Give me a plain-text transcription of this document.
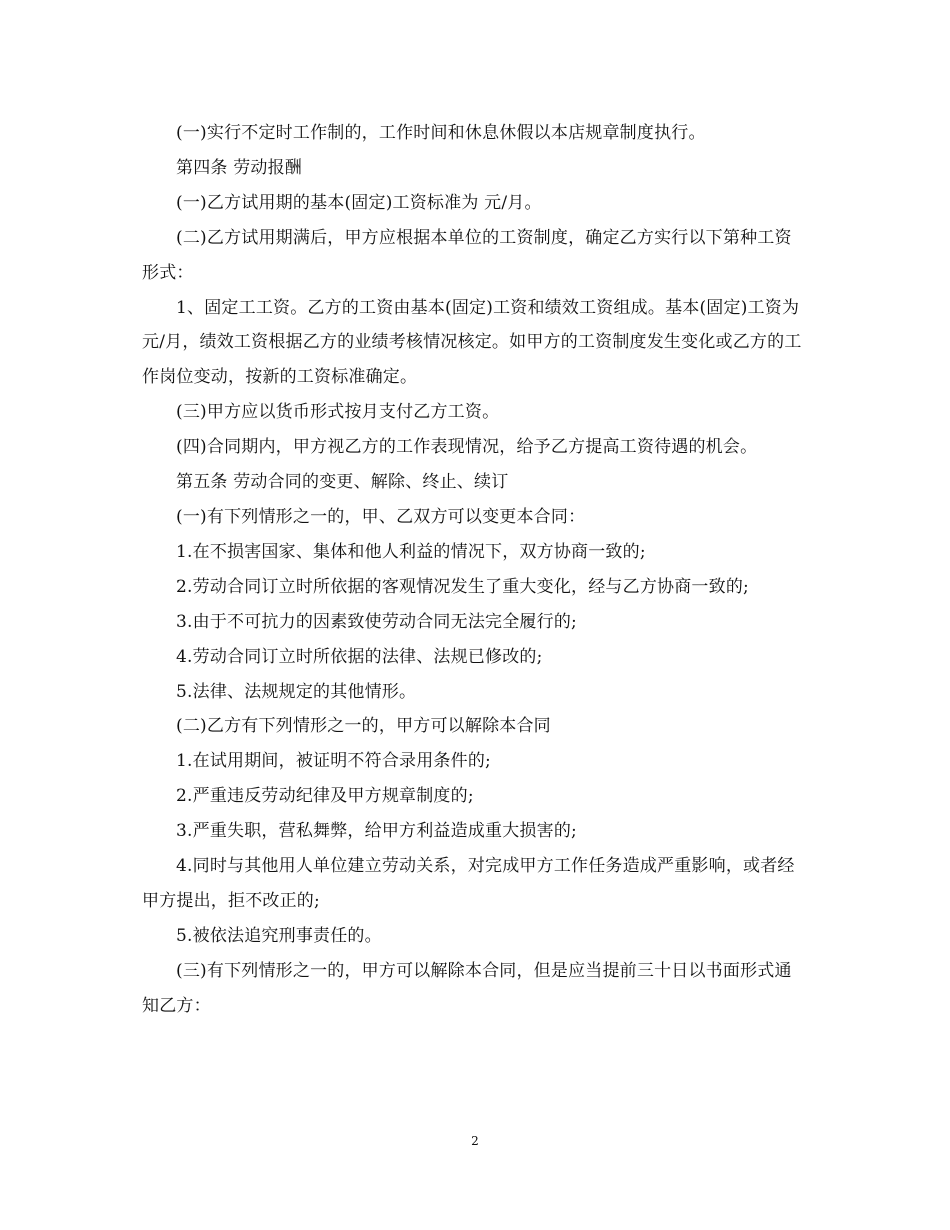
(一)实行不定时工作制的，工作时间和休息休假以本店规章制度执行。

第四条 劳动报酬

(一)乙方试用期的基本(固定)工资标准为 元/月。

(二)乙方试用期满后，甲方应根据本单位的工资制度，确定乙方实行以下第种工资形式：

1、固定工工资。乙方的工资由基本(固定)工资和绩效工资组成。基本(固定)工资为 元/月，绩效工资根据乙方的业绩考核情况核定。如甲方的工资制度发生变化或乙方的工作岗位变动，按新的工资标准确定。

(三)甲方应以货币形式按月支付乙方工资。

(四)合同期内，甲方视乙方的工作表现情况，给予乙方提高工资待遇的机会。

第五条 劳动合同的变更、解除、终止、续订

(一)有下列情形之一的，甲、乙双方可以变更本合同：

1.在不损害国家、集体和他人利益的情况下，双方协商一致的;

2.劳动合同订立时所依据的客观情况发生了重大变化，经与乙方协商一致的;

3.由于不可抗力的因素致使劳动合同无法完全履行的;

4.劳动合同订立时所依据的法律、法规已修改的;

5.法律、法规规定的其他情形。

(二)乙方有下列情形之一的，甲方可以解除本合同

1.在试用期间，被证明不符合录用条件的;

2.严重违反劳动纪律及甲方规章制度的;

3.严重失职，营私舞弊，给甲方利益造成重大损害的;

4.同时与其他用人单位建立劳动关系，对完成甲方工作任务造成严重影响，或者经甲方提出，拒不改正的;

5.被依法追究刑事责任的。

(三)有下列情形之一的，甲方可以解除本合同，但是应当提前三十日以书面形式通知乙方：

2
